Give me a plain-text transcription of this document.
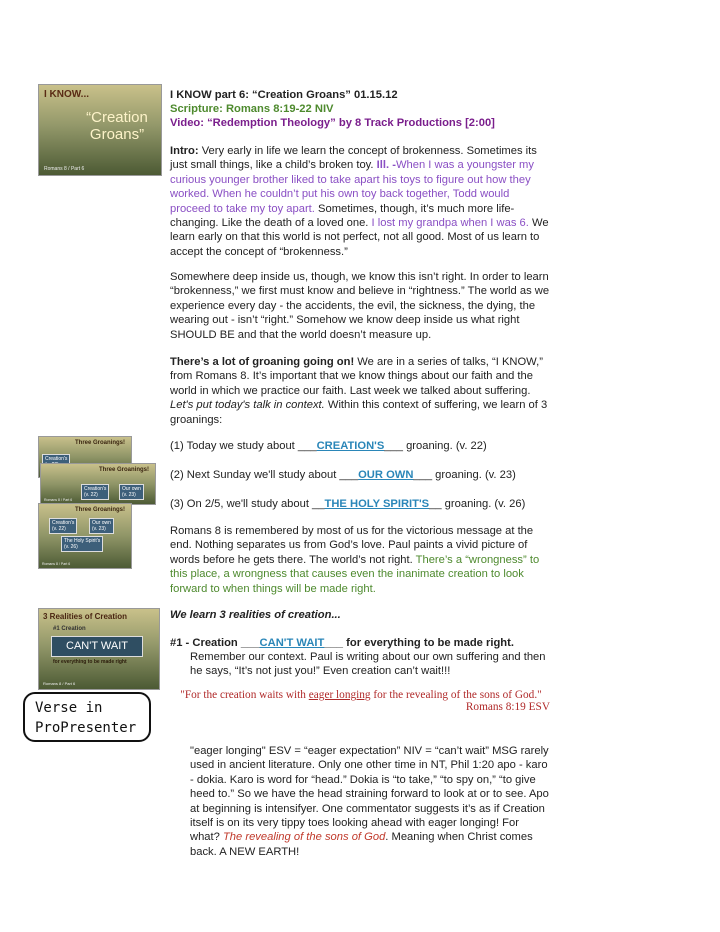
I KNOW...
“Creation Groans”
Romans 8 / Part 6
Three Groanings!
Creation's

Three Groanings!
Creation's
(v. 22)
Our own
(v. 23)
Romans 8 / Part 6
Three Groanings!
Creation's
(v. 22)
Our own
(v. 23)
The Holy Spirit's
(v. 26)
Romans 8 / Part 6
3 Realities of Creation
#1 Creation
CAN'T WAIT
for everything to be made right
Romans 8 / Part 6
I KNOW part 6: “Creation Groans” 01.15.12
Scripture: Romans 8:19-22 NIV
Video: “Redemption Theology” by 8 Track Productions [2:00]
Intro: Very early in life we learn the concept of brokenness. Sometimes its just small things, like a child’s broken toy. Ill. -When I was a youngster my curious younger brother liked to take apart his toys to figure out how they worked. When he couldn’t put his own toy back together, Todd would proceed to take my toy apart. Sometimes, though, it’s much more life-changing. Like the death of a loved one. I lost my grandpa when I was 6. We learn early on that this world is not perfect, not all good. Most of us learn to accept the concept of “brokenness.”
Somewhere deep inside us, though, we know this isn’t right. In order to learn “brokenness,” we first must know and believe in “rightness.” The world as we experience every day - the accidents, the evil, the sickness, the dying, the wearing out - isn’t “right.” Somehow we know deep inside us what right SHOULD BE and that the world doesn’t measure up.
There’s a lot of groaning going on! We are in a series of talks, “I KNOW,” from Romans 8. It’s important that we know things about our faith and the world in which we practice our faith. Last week we talked about suffering. Let's put today's talk in context. Within this context of suffering, we learn of 3 groanings:
(1) Today we study about ___CREATION'S___ groaning. (v. 22)
(2) Next Sunday we'll study about ___OUR OWN___ groaning. (v. 23)
(3) On 2/5, we'll study about __THE HOLY SPIRIT'S__ groaning. (v. 26)
Romans 8 is remembered by most of us for the victorious message at the end. Nothing separates us from God’s love. Paul paints a vivid picture of words before he gets there. The world’s not right. There’s a “wrongness” to this place, a wrongness that causes even the inanimate creation to look forward to when things will be made right.
We learn 3 realities of creation...
#1 - Creation ___CAN'T WAIT___ for everything to be made right.
Remember our context. Paul is writing about our own suffering and then he says, “It’s not just you!” Even creation can’t wait!!!
Verse in
ProPresenter
"For the creation waits with eager longing for the revealing of the sons of God."
Romans 8:19 ESV
"eager longing" ESV = “eager expectation” NIV = “can’t wait” MSG rarely used in ancient literature. Only one other time in NT, Phil 1:20 apo - karo - dokia. Karo is word for “head.” Dokia is “to take,” “to spy on,” “to give heed to.” So we have the head straining forward to look at or to see. Apo at beginning is intensifyer. One commentator suggests it’s as if Creation itself is on its very tippy toes looking ahead with eager longing! For what? The revealing of the sons of God. Meaning when Christ comes back. A NEW EARTH!
